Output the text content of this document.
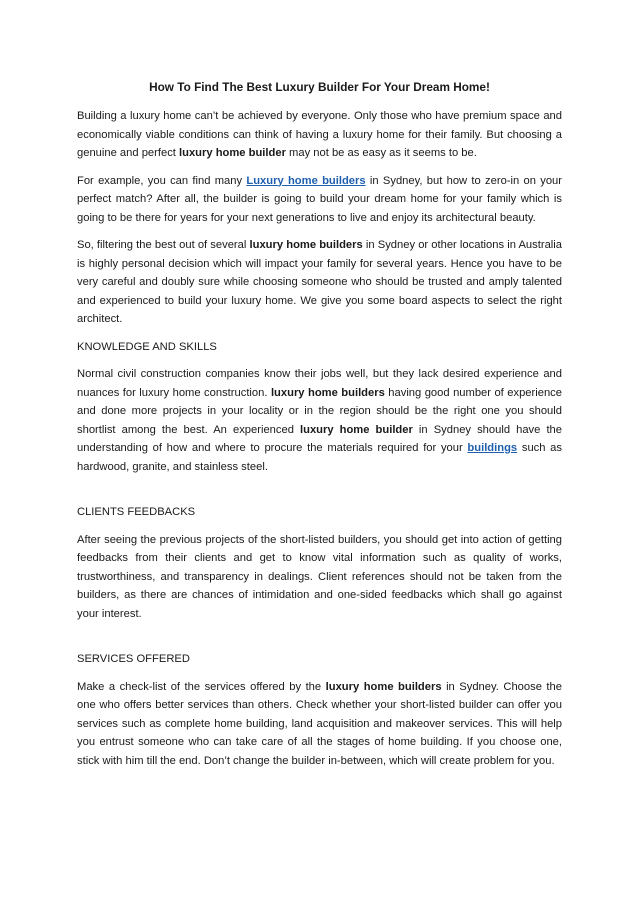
How To Find The Best Luxury Builder For Your Dream Home!

Building a luxury home can’t be achieved by everyone. Only those who have premium space and economically viable conditions can think of having a luxury home for their family. But choosing a genuine and perfect luxury home builder may not be as easy as it seems to be.

For example, you can find many Luxury home builders in Sydney, but how to zero-in on your perfect match? After all, the builder is going to build your dream home for your family which is going to be there for years for your next generations to live and enjoy its architectural beauty.

So, filtering the best out of several luxury home builders in Sydney or other locations in Australia is highly personal decision which will impact your family for several years. Hence you have to be very careful and doubly sure while choosing someone who should be trusted and amply talented and experienced to build your luxury home. We give you some board aspects to select the right architect.

KNOWLEDGE AND SKILLS

Normal civil construction companies know their jobs well, but they lack desired experience and nuances for luxury home construction. luxury home builders having good number of experience and done more projects in your locality or in the region should be the right one you should shortlist among the best. An experienced luxury home builder in Sydney should have the understanding of how and where to procure the materials required for your buildings such as hardwood, granite, and stainless steel.

CLIENTS FEEDBACKS

After seeing the previous projects of the short-listed builders, you should get into action of getting feedbacks from their clients and get to know vital information such as quality of works, trustworthiness, and transparency in dealings. Client references should not be taken from the builders, as there are chances of intimidation and one-sided feedbacks which shall go against your interest.

SERVICES OFFERED

Make a check-list of the services offered by the luxury home builders in Sydney. Choose the one who offers better services than others. Check whether your short-listed builder can offer you services such as complete home building, land acquisition and makeover services. This will help you entrust someone who can take care of all the stages of home building. If you choose one, stick with him till the end. Don’t change the builder in-between, which will create problem for you.
